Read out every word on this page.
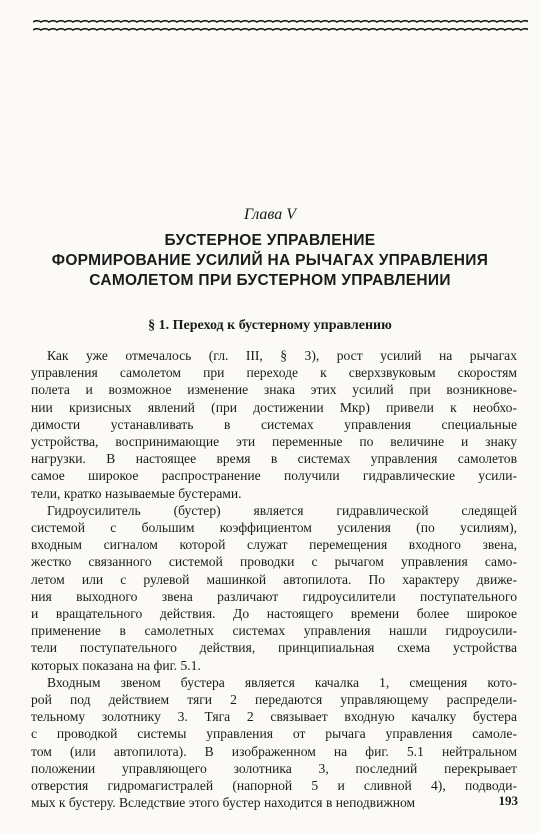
Глава V
БУСТЕРНОЕ УПРАВЛЕНИЕ
ФОРМИРОВАНИЕ УСИЛИЙ НА РЫЧАГАХ УПРАВЛЕНИЯ
САМОЛЕТОМ ПРИ БУСТЕРНОМ УПРАВЛЕНИИ
§ 1. Переход к бустерному управлению

Как уже отмечалось (гл. III, § 3), рост усилий на рычагах
управления самолетом при переходе к сверхзвуковым скоростям
полета и возможное изменение знака этих усилий при возникнове-
нии кризисных явлений (при достижении Mкр) привели к необхо-
димости устанавливать в системах управления специальные
устройства, воспринимающие эти переменные по величине и знаку
нагрузки. В настоящее время в системах управления самолетов
самое широкое распространение получили гидравлические усили-
тели, кратко называемые бустерами.

Гидроусилитель (бустер) является гидравлической следящей
системой с большим коэффициентом усиления (по усилиям),
входным сигналом которой служат перемещения входного звена,
жестко связанного системой проводки с рычагом управления само-
летом или с рулевой машинкой автопилота. По характеру движе-
ния выходного звена различают гидроусилители поступательного
и вращательного действия. До настоящего времени более широкое
применение в самолетных системах управления нашли гидроусили-
тели поступательного действия, принципиальная схема устройства
которых показана на фиг. 5.1.

Входным звеном бустера является качалка 1, смещения кото-
рой под действием тяги 2 передаются управляющему распредели-
тельному золотнику 3. Тяга 2 связывает входную качалку бустера
с проводкой системы управления от рычага управления самоле-
том (или автопилота). В изображенном на фиг. 5.1 нейтральном
положении управляющего золотника 3, последний перекрывает
отверстия гидромагистралей (напорной 5 и сливной 4), подводи-
мых к бустеру. Вследствие этого бустер находится в неподвижном	193
